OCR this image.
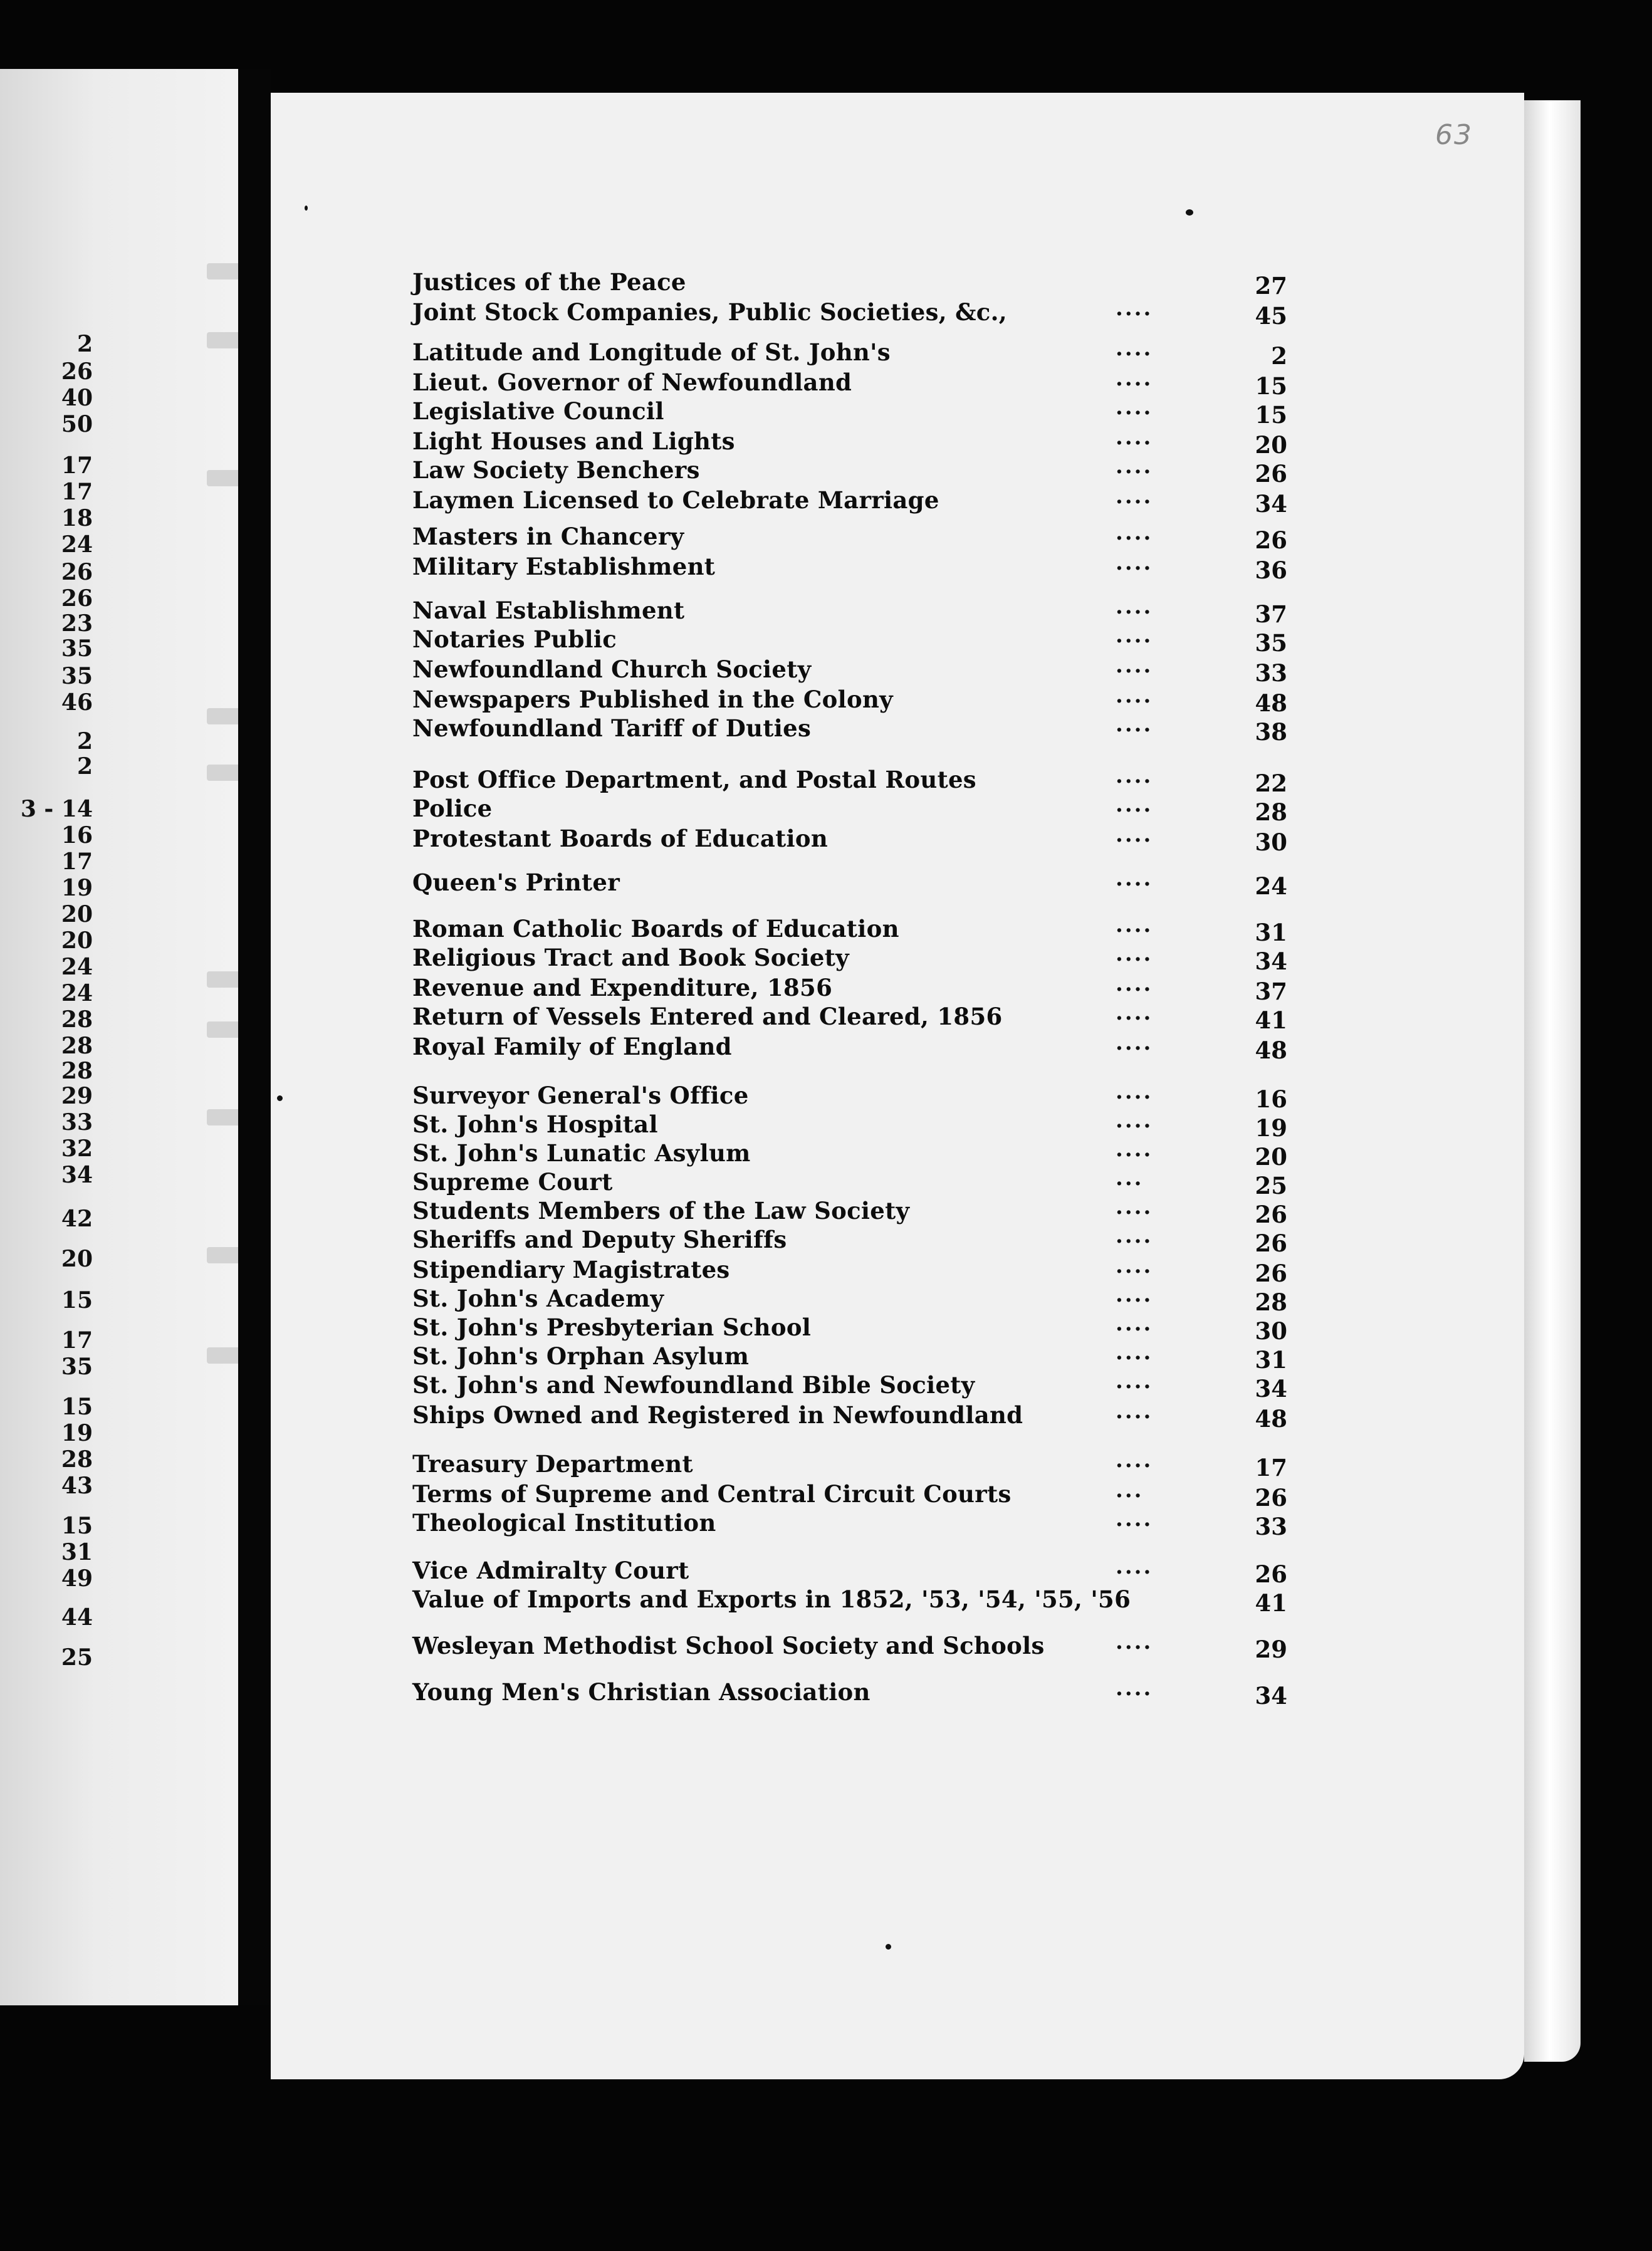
2
26
40
50
17
17
18
24
26
26
23
35
35
46
2
2
3 - 14
16
17
19
20
20
24
24
28
28
28
29
33
32
34
42
20
15
17
35
15
19
28
43
15
31
49
44
25
63
Justices of the Peace	27
Joint Stock Companies, Public Societies, &c.,	....	45
Latitude and Longitude of St. John's	....	2
Lieut. Governor of Newfoundland	....	15
Legislative Council	....	15
Light Houses and Lights	....	20
Law Society Benchers	....	26
Laymen Licensed to Celebrate Marriage	....	34
Masters in Chancery	....	26
Military Establishment	....	36
Naval Establishment	....	37
Notaries Public	....	35
Newfoundland Church Society	....	33
Newspapers Published in the Colony	....	48
Newfoundland Tariff of Duties	....	38
Post Office Department, and Postal Routes	....	22
Police	....	28
Protestant Boards of Education	....	30
Queen's Printer	....	24
Roman Catholic Boards of Education	....	31
Religious Tract and Book Society	....	34
Revenue and Expenditure, 1856	....	37
Return of Vessels Entered and Cleared, 1856	....	41
Royal Family of England	....	48
Surveyor General's Office	....	16
St. John's Hospital	....	19
St. John's Lunatic Asylum	....	20
Supreme Court	...	25
Students Members of the Law Society	....	26
Sheriffs and Deputy Sheriffs	....	26
Stipendiary Magistrates	....	26
St. John's Academy	....	28
St. John's Presbyterian School	....	30
St. John's Orphan Asylum	....	31
St. John's and Newfoundland Bible Society	....	34
Ships Owned and Registered in Newfoundland	....	48
Treasury Department	....	17
Terms of Supreme and Central Circuit Courts	...	26
Theological Institution	....	33
Vice Admiralty Court	....	26
Value of Imports and Exports in 1852, '53, '54, '55, '56	41
Wesleyan Methodist School Society and Schools	....	29
Young Men's Christian Association	....	34
